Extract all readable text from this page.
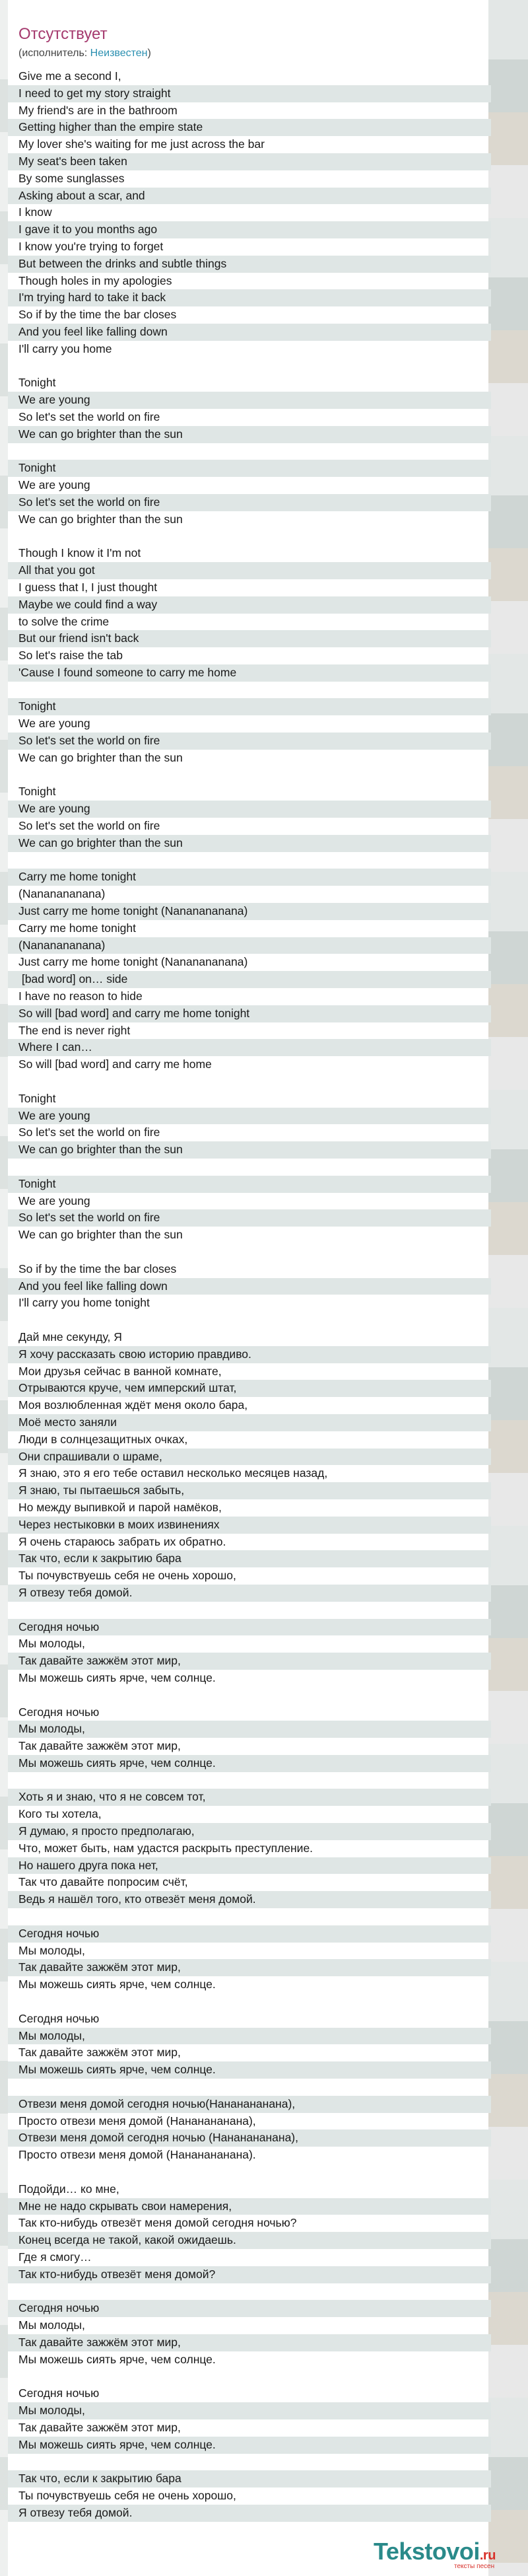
Отсутствует
(исполнитель: Неизвестен)
Give me a second I,
I need to get my story straight
My friend's are in the bathroom
Getting higher than the empire state
My lover she's waiting for me just across the bar
My seat's been taken
By some sunglasses
Asking about a scar, and
I know
I gave it to you months ago
I know you're trying to forget
But between the drinks and subtle things
Though holes in my apologies
I'm trying hard to take it back
So if by the time the bar closes
And you feel like falling down
I'll carry you home
Tonight
We are young
So let's set the world on fire
We can go brighter than the sun
Tonight
We are young
So let's set the world on fire
We can go brighter than the sun
Though I know it I'm not
All that you got
I guess that I, I just thought
Maybe we could find a way
to solve the crime
But our friend isn't back
So let's raise the tab
'Cause I found someone to carry me home
Tonight
We are young
So let's set the world on fire
We can go brighter than the sun
Tonight
We are young
So let's set the world on fire
We can go brighter than the sun
Carry me home tonight
(Nananananana)
Just carry me home tonight (Nananananana)
Carry me home tonight
(Nananananana)
Just carry me home tonight (Nananananana)
[bad word] on… side
I have no reason to hide
So will [bad word] and carry me home tonight
The end is never right
Where I can…
So will [bad word] and carry me home
Tonight
We are young
So let's set the world on fire
We can go brighter than the sun
Tonight
We are young
So let's set the world on fire
We can go brighter than the sun
So if by the time the bar closes
And you feel like falling down
I'll carry you home tonight
Дай мне секунду, Я
Я хочу рассказать свою историю правдиво.
Мои друзья сейчас в ванной комнате,
Отрываются круче, чем имперский штат,
Моя возлюбленная ждёт меня около бара,
Моё место заняли
Люди в солнцезащитных очках,
Они спрашивали о шраме,
Я знаю, это я его тебе оставил несколько месяцев назад,
Я знаю, ты пытаешься забыть,
Но между выпивкой и парой намёков,
Через нестыковки в моих извинениях
Я очень стараюсь забрать их обратно.
Так что, если к закрытию бара
Ты почувствуешь себя не очень хорошо,
Я отвезу тебя домой.
Сегодня ночью
Мы молоды,
Так давайте зажжём этот мир,
Мы можешь сиять ярче, чем солнце.
Сегодня ночью
Мы молоды,
Так давайте зажжём этот мир,
Мы можешь сиять ярче, чем солнце.
Хоть я и знаю, что я не совсем тот,
Кого ты хотела,
Я думаю, я просто предполагаю,
Что, может быть, нам удастся раскрыть преступление.
Но нашего друга пока нет,
Так что давайте попросим счёт,
Ведь я нашёл того, кто отвезёт меня домой.
Сегодня ночью
Мы молоды,
Так давайте зажжём этот мир,
Мы можешь сиять ярче, чем солнце.
Сегодня ночью
Мы молоды,
Так давайте зажжём этот мир,
Мы можешь сиять ярче, чем солнце.
Отвези меня домой сегодня ночью(Нананананана),
Просто отвези меня домой (Нананананана),
Отвези меня домой сегодня ночью (Нананананана),
Просто отвези меня домой (Нананананана).
Подойди… ко мне,
Мне не надо скрывать свои намерения,
Так кто-нибудь отвезёт меня домой сегодня ночью?
Конец всегда не такой, какой ожидаешь.
Где я смогу…
Так кто-нибудь отвезёт меня домой?
Сегодня ночью
Мы молоды,
Так давайте зажжём этот мир,
Мы можешь сиять ярче, чем солнце.
Сегодня ночью
Мы молоды,
Так давайте зажжём этот мир,
Мы можешь сиять ярче, чем солнце.
Так что, если к закрытию бара
Ты почувствуешь себя не очень хорошо,
Я отвезу тебя домой.
Tekstovoi.ru
тексты песен
